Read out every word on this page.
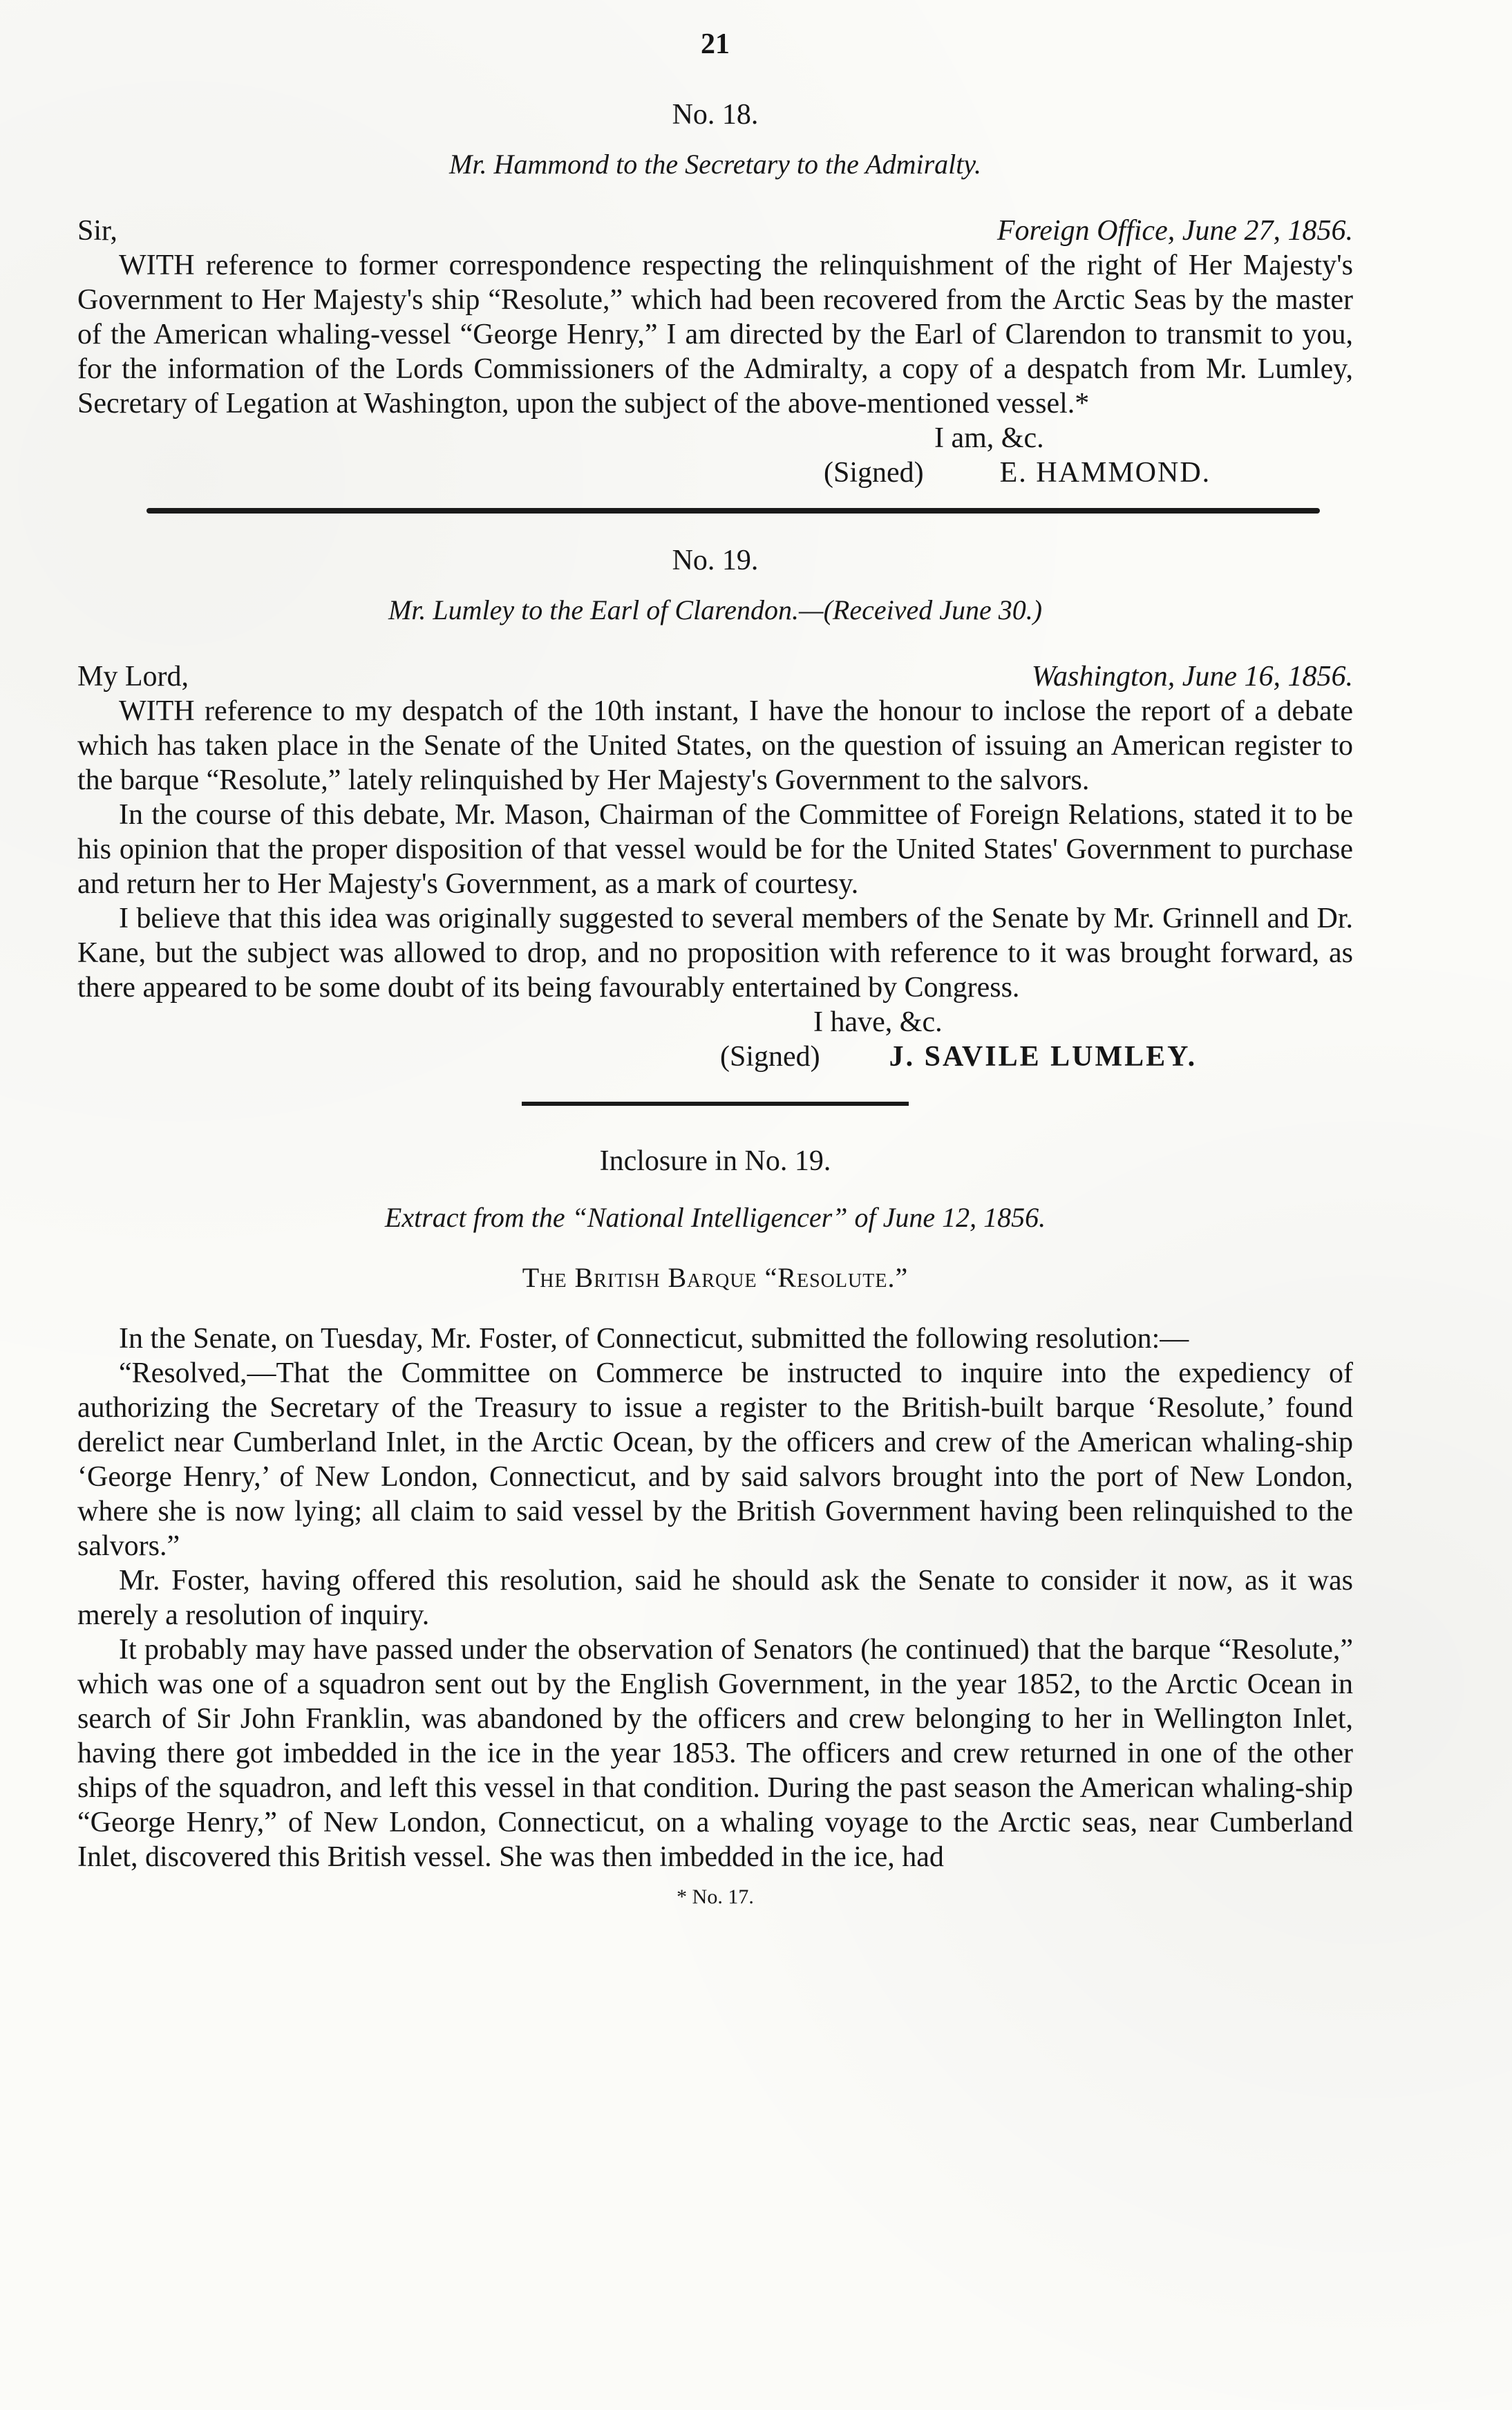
21
No. 18.
Mr. Hammond to the Secretary to the Admiralty.
Sir,	Foreign Office, June 27, 1856.

WITH reference to former correspondence respecting the relinquishment of the right of Her Majesty's Government to Her Majesty's ship “Resolute,” which had been recovered from the Arctic Seas by the master of the American whaling-vessel “George Henry,” I am directed by the Earl of Clarendon to transmit to you, for the information of the Lords Commissioners of the Admiralty, a copy of a despatch from Mr. Lumley, Secretary of Legation at Washington, upon the subject of the above-mentioned vessel.*

I am, &c.
(Signed)	E. HAMMOND.
No. 19.
Mr. Lumley to the Earl of Clarendon.—(Received June 30.)
My Lord,	Washington, June 16, 1856.

WITH reference to my despatch of the 10th instant, I have the honour to inclose the report of a debate which has taken place in the Senate of the United States, on the question of issuing an American register to the barque “Resolute,” lately relinquished by Her Majesty's Government to the salvors.

In the course of this debate, Mr. Mason, Chairman of the Committee of Foreign Relations, stated it to be his opinion that the proper disposition of that vessel would be for the United States' Government to purchase and return her to Her Majesty's Government, as a mark of courtesy.

I believe that this idea was originally suggested to several members of the Senate by Mr. Grinnell and Dr. Kane, but the subject was allowed to drop, and no proposition with reference to it was brought forward, as there appeared to be some doubt of its being favourably entertained by Congress.

I have, &c.
(Signed) J. SAVILE LUMLEY.
Inclosure in No. 19.
Extract from the “National Intelligencer” of June 12, 1856.
The British Barque “Resolute.”

In the Senate, on Tuesday, Mr. Foster, of Connecticut, submitted the following resolution:—

“Resolved,—That the Committee on Commerce be instructed to inquire into the expediency of authorizing the Secretary of the Treasury to issue a register to the British-built barque ‘Resolute,’ found derelict near Cumberland Inlet, in the Arctic Ocean, by the officers and crew of the American whaling-ship ‘George Henry,’ of New London, Connecticut, and by said salvors brought into the port of New London, where she is now lying; all claim to said vessel by the British Government having been relinquished to the salvors.”

Mr. Foster, having offered this resolution, said he should ask the Senate to consider it now, as it was merely a resolution of inquiry.

It probably may have passed under the observation of Senators (he continued) that the barque “Resolute,” which was one of a squadron sent out by the English Government, in the year 1852, to the Arctic Ocean in search of Sir John Franklin, was abandoned by the officers and crew belonging to her in Wellington Inlet, having there got imbedded in the ice in the year 1853. The officers and crew returned in one of the other ships of the squadron, and left this vessel in that condition. During the past season the American whaling-ship “George Henry,” of New London, Connecticut, on a whaling voyage to the Arctic seas, near Cumberland Inlet, discovered this British vessel. She was then imbedded in the ice, had

* No. 17.
